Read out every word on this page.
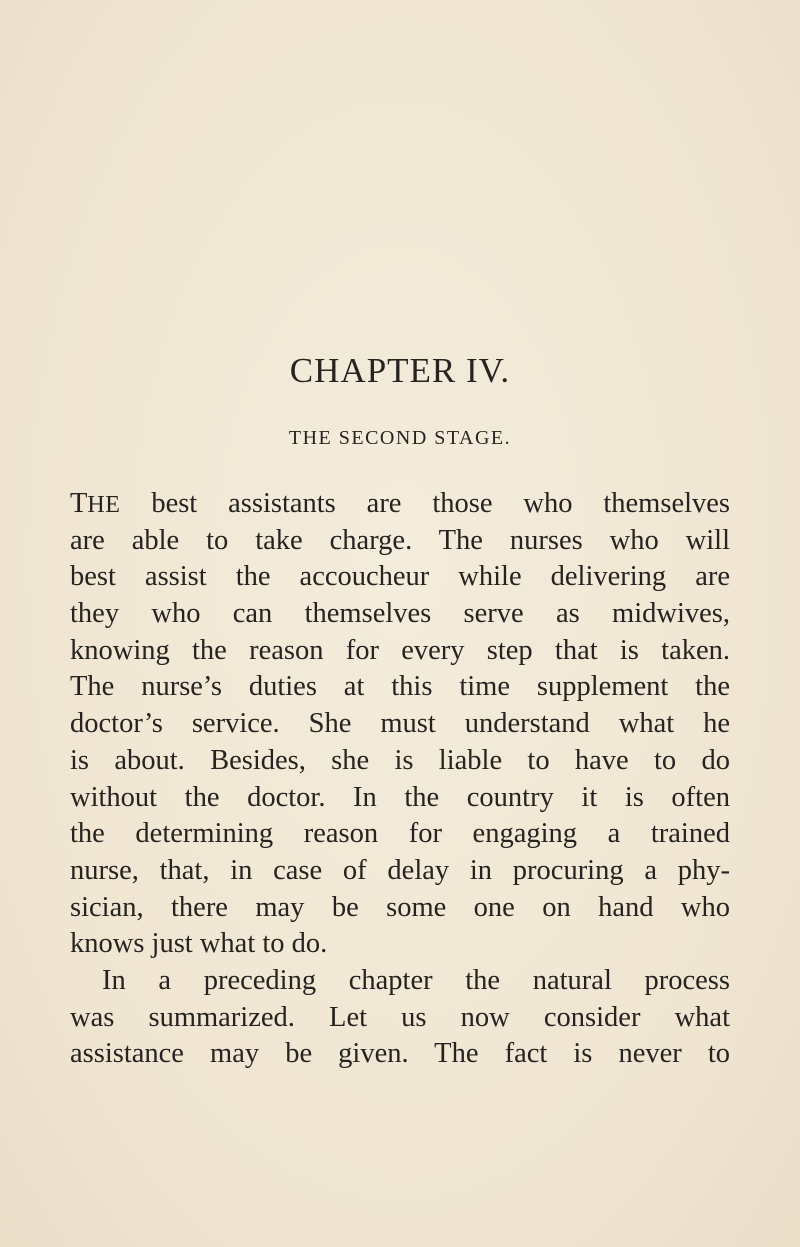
CHAPTER IV.
THE SECOND STAGE.
THE best assistants are those who themselves
are able to take charge. The nurses who will
best assist the accoucheur while delivering are
they who can themselves serve as midwives,
knowing the reason for every step that is taken.
The nurse’s duties at this time supplement the
doctor’s service. She must understand what he
is about. Besides, she is liable to have to do
without the doctor. In the country it is often
the determining reason for engaging a trained
nurse, that, in case of delay in procuring a phy-
sician, there may be some one on hand who
knows just what to do.
In a preceding chapter the natural process
was summarized. Let us now consider what
assistance may be given. The fact is never to
